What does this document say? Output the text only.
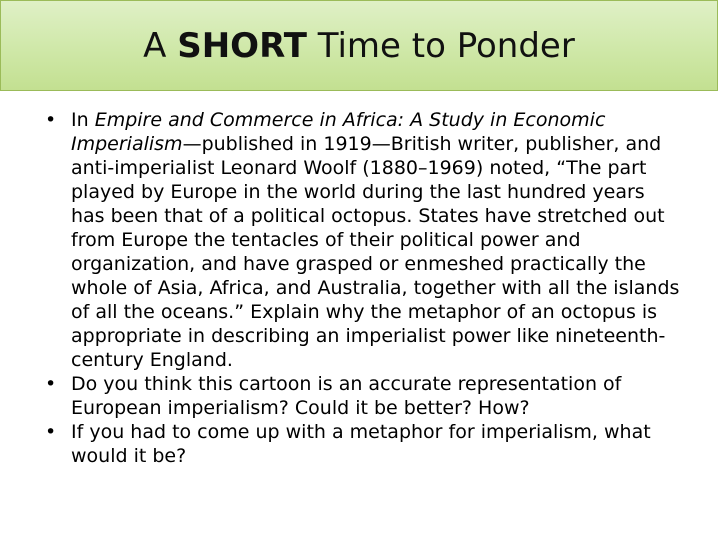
A SHORT Time to Ponder
• In Empire and Commerce in Africa: A Study in Economic Imperialism—published in 1919—British writer, publisher, and anti-imperialist Leonard Woolf (1880–1969) noted, “The part played by Europe in the world during the last hundred years has been that of a political octopus. States have stretched out from Europe the tentacles of their political power and organization, and have grasped or enmeshed practically the whole of Asia, Africa, and Australia, together with all the islands of all the oceans.” Explain why the metaphor of an octopus is appropriate in describing an imperialist power like nineteenth-century England.
• Do you think this cartoon is an accurate representation of European imperialism? Could it be better? How?
• If you had to come up with a metaphor for imperialism, what would it be?
